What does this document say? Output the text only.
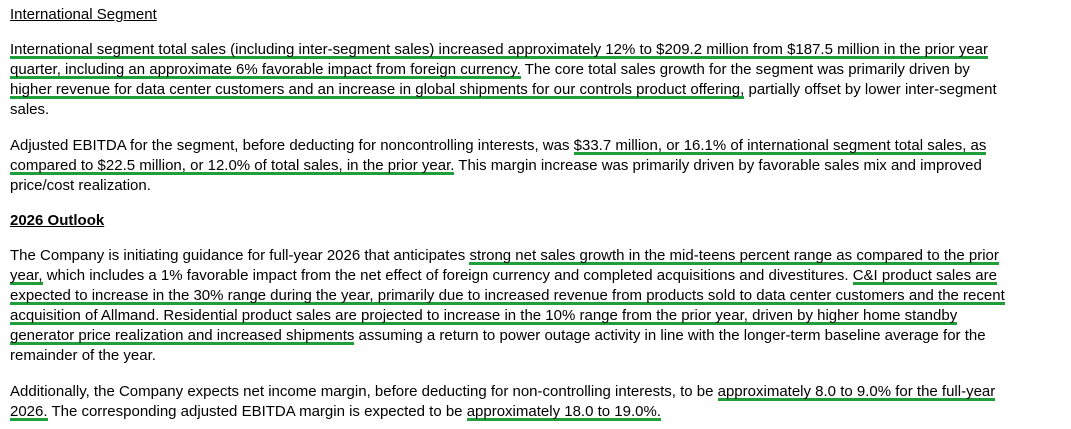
International Segment
International segment total sales (including inter-segment sales) increased approximately 12% to $209.2 million from $187.5 million in the prior year
quarter, including an approximate 6% favorable impact from foreign currency. The core total sales growth for the segment was primarily driven by
higher revenue for data center customers and an increase in global shipments for our controls product offering, partially offset by lower inter-segment
sales.
Adjusted EBITDA for the segment, before deducting for noncontrolling interests, was $33.7 million, or 16.1% of international segment total sales, as
compared to $22.5 million, or 12.0% of total sales, in the prior year. This margin increase was primarily driven by favorable sales mix and improved
price/cost realization.
2026 Outlook
The Company is initiating guidance for full-year 2026 that anticipates strong net sales growth in the mid-teens percent range as compared to the prior
year, which includes a 1% favorable impact from the net effect of foreign currency and completed acquisitions and divestitures. C&I product sales are
expected to increase in the 30% range during the year, primarily due to increased revenue from products sold to data center customers and the recent
acquisition of Allmand. Residential product sales are projected to increase in the 10% range from the prior year, driven by higher home standby
generator price realization and increased shipments assuming a return to power outage activity in line with the longer-term baseline average for the
remainder of the year.
Additionally, the Company expects net income margin, before deducting for non-controlling interests, to be approximately 8.0 to 9.0% for the full-year
2026. The corresponding adjusted EBITDA margin is expected to be approximately 18.0 to 19.0%.
